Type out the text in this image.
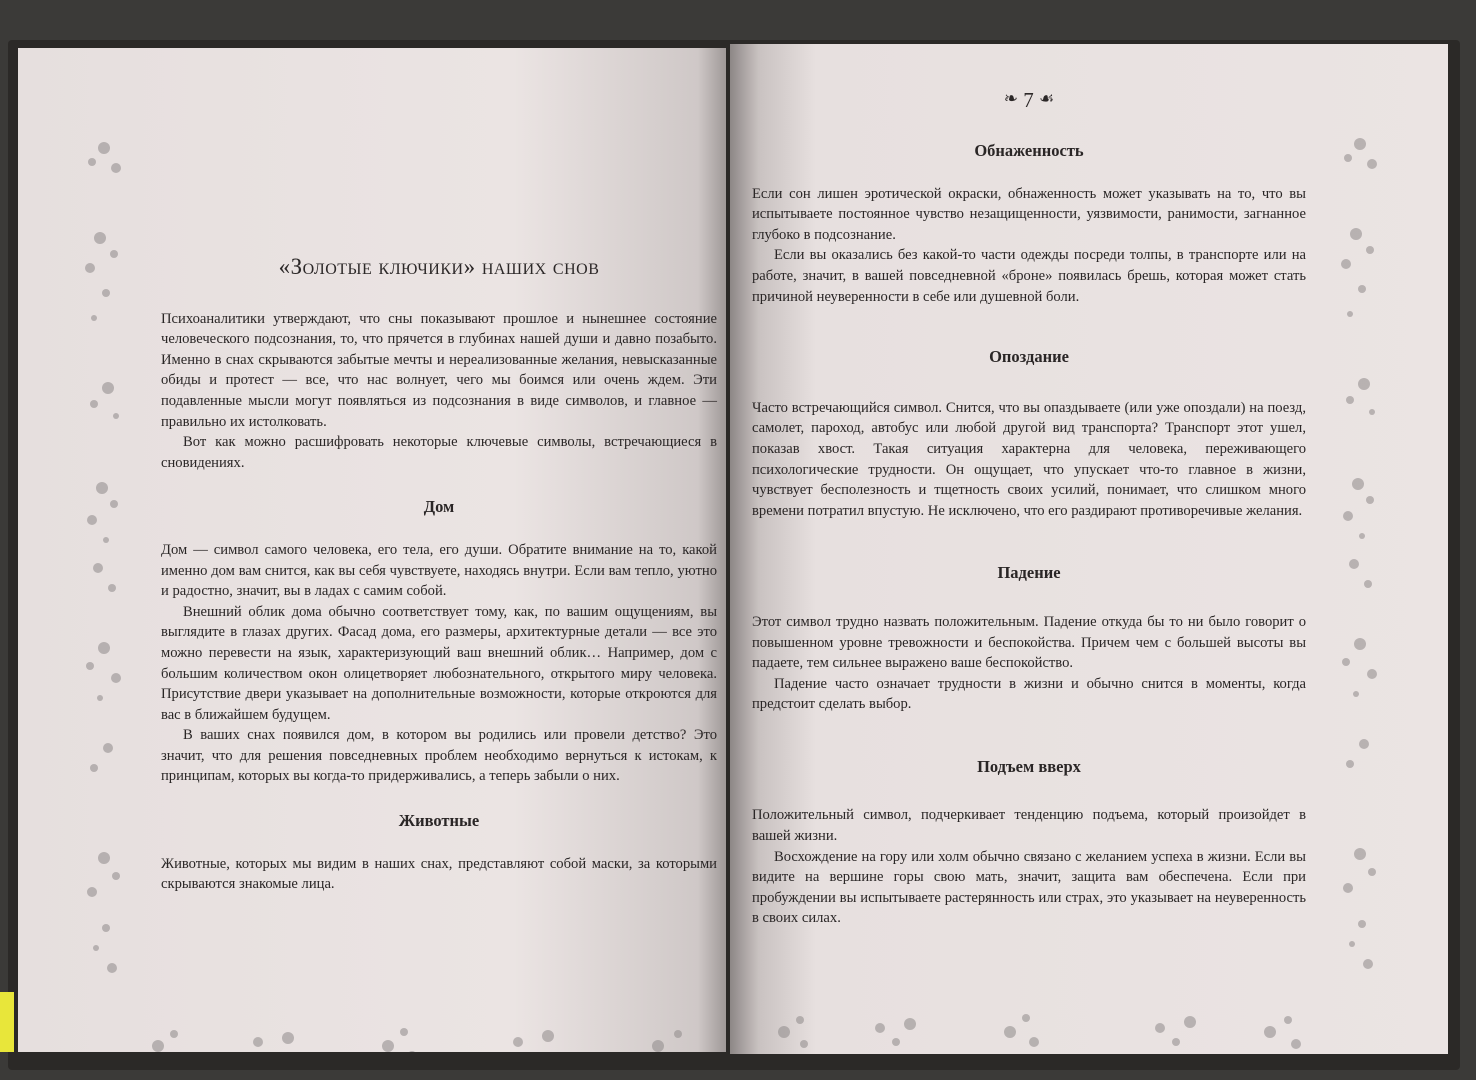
«Золотые ключики» наших снов

Психоаналитики утверждают, что сны показывают прошлое и нынешнее состояние человеческого подсознания, то, что прячется в глубинах нашей души и давно позабыто. Именно в снах скрываются забытые мечты и нереализованные желания, невысказанные обиды и протест — все, что нас волнует, чего мы боимся или очень ждем. Эти подавленные мысли могут появляться из подсознания в виде символов, и главное — правильно их истолковать.

Вот как можно расшифровать некоторые ключевые символы, встречающиеся в сновидениях.

Дом

Дом — символ самого человека, его тела, его души. Обратите внимание на то, какой именно дом вам снится, как вы себя чувствуете, находясь внутри. Если вам тепло, уютно и радостно, значит, вы в ладах с самим собой.

Внешний облик дома обычно соответствует тому, как, по вашим ощущениям, вы выглядите в глазах других. Фасад дома, его размеры, архитектурные детали — все это можно перевести на язык, характеризующий ваш внешний облик… Например, дом с большим количеством окон олицетворяет любознательного, открытого миру человека. Присутствие двери указывает на дополнительные возможности, которые откроются для вас в ближайшем будущем.

В ваших снах появился дом, в котором вы родились или провели детство? Это значит, что для решения повседневных проблем необходимо вернуться к истокам, к принципам, которых вы когда-то придерживались, а теперь забыли о них.

Животные

Животные, которых мы видим в наших снах, представляют собой маски, за которыми скрываются знакомые лица.

❧ 7 ☙
Обнаженность

Если сон лишен эротической окраски, обнаженность может указывать на то, что вы испытываете постоянное чувство незащищенности, уязвимости, ранимости, загнанное глубоко в подсознание.

Если вы оказались без какой-то части одежды посреди толпы, в транспорте или на работе, значит, в вашей повседневной «броне» появилась брешь, которая может стать причиной неуверенности в себе или душевной боли.

Опоздание

Часто встречающийся символ. Снится, что вы опаздываете (или уже опоздали) на поезд, самолет, пароход, автобус или любой другой вид транспорта? Транспорт этот ушел, показав хвост. Такая ситуация характерна для человека, переживающего психологические трудности. Он ощущает, что упускает что-то главное в жизни, чувствует бесполезность и тщетность своих усилий, понимает, что слишком много времени потратил впустую. Не исключено, что его раздирают противоречивые желания.

Падение

Этот символ трудно назвать положительным. Падение откуда бы то ни было говорит о повышенном уровне тревожности и беспокойства. Причем чем с большей высоты вы падаете, тем сильнее выражено ваше беспокойство.

Падение часто означает трудности в жизни и обычно снится в моменты, когда предстоит сделать выбор.

Подъем вверх

Положительный символ, подчеркивает тенденцию подъема, который произойдет в вашей жизни.

Восхождение на гору или холм обычно связано с желанием успеха в жизни. Если вы видите на вершине горы свою мать, значит, защита вам обеспечена. Если при пробуждении вы испытываете растерянность или страх, это указывает на неуверенность в своих силах.
